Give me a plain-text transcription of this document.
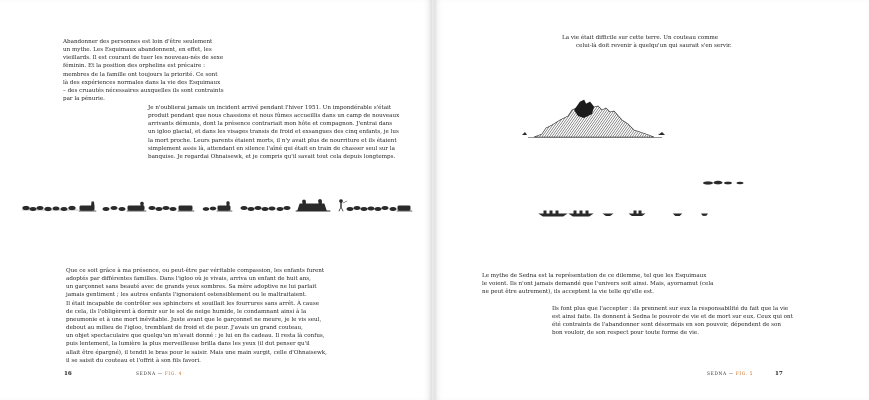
Abandonner des personnes est loin d'être seulement
un mythe. Les Esquimaux abandonnent, en effet, les
vieillards. Il est courant de tuer les nouveau-nés de sexe
féminin. Et la position des orphelins est précaire :
membres de la famille ont toujours la priorité. Ce sont
là des expériences normales dans la vie des Esquimaux
– des cruautés nécessaires auxquelles ils sont contraints
par la pénurie.
Je n'oublierai jamais un incident arrivé pendant l'hiver 1951. Un impondérable s'était
produit pendant que nous chassions et nous fûmes accueillis dans un camp de nouveaux
arrivants démunis, dont la présence contrariait mon hôte et compagnon. J'entrai dans
un igloo glacial, et dans les visages transis de froid et exsangues des cinq enfants, je lus
la mort proche. Leurs parents étaient morts, il n'y avait plus de nourriture et ils étaient
simplement assis là, attendant en silence l'aîné qui était en train de chasser seul sur la
banquise. Je regardai Ohnaisewk, et je compris qu'il savait tout cela depuis longtemps.
Que ce soit grâce à ma présence, ou peut-être par véritable compassion, les enfants furent
adoptés par différentes familles. Dans l'igloo où je vivais, arriva un enfant de huit ans,
un garçonnet sans beauté avec de grands yeux sombres. Sa mère adoptive ne lui parlait
jamais gentiment ; les autres enfants l'ignoraient ostensiblement ou le maltraitaient.
Il était incapable de contrôler ses sphincters et souillait les fourrures sans arrêt. À cause
de cela, ils l'obligèrent à dormir sur le sol de neige humide, le condamnant ainsi à la
pneumonie et à une mort inévitable. Juste avant que le garçonnet ne meure, je le vis seul,
debout au milieu de l'igloo, tremblant de froid et de peur. J'avais un grand couteau,
un objet spectaculaire que quelqu'un m'avait donné : je lui en fis cadeau. Il resta là confus,
puis lentement, la lumière la plus merveilleuse brilla dans les yeux (il dut penser qu'il
allait être épargné), il tendit le bras pour le saisir. Mais une main surgit, celle d'Ohnaisewk,
il se saisit du couteau et l'offrit à son fils favori.
16	SEDNA — FIG. 4
La vie était difficile sur cette terre. Un couteau comme
celui-là doit revenir à quelqu'un qui saurait s'en servir.
Le mythe de Sedna est la représentation de ce dilemme, tel que les Esquimaux
le voient. Ils n'ont jamais demandé que l'univers soit ainsi. Mais, ayornamut (cela
ne peut être autrement), ils acceptent la vie telle qu'elle est.
Ils font plus que l'accepter : ils prennent sur eux la responsabilité du fait que la vie
est ainsi faite. Ils donnent à Sedna le pouvoir de vie et de mort sur eux. Ceux qui ont
été contraints de l'abandonner sont désormais en son pouvoir, dépendent de son
bon vouloir, de son respect pour toute forme de vie.
SEDNA — FIG. 5	17
